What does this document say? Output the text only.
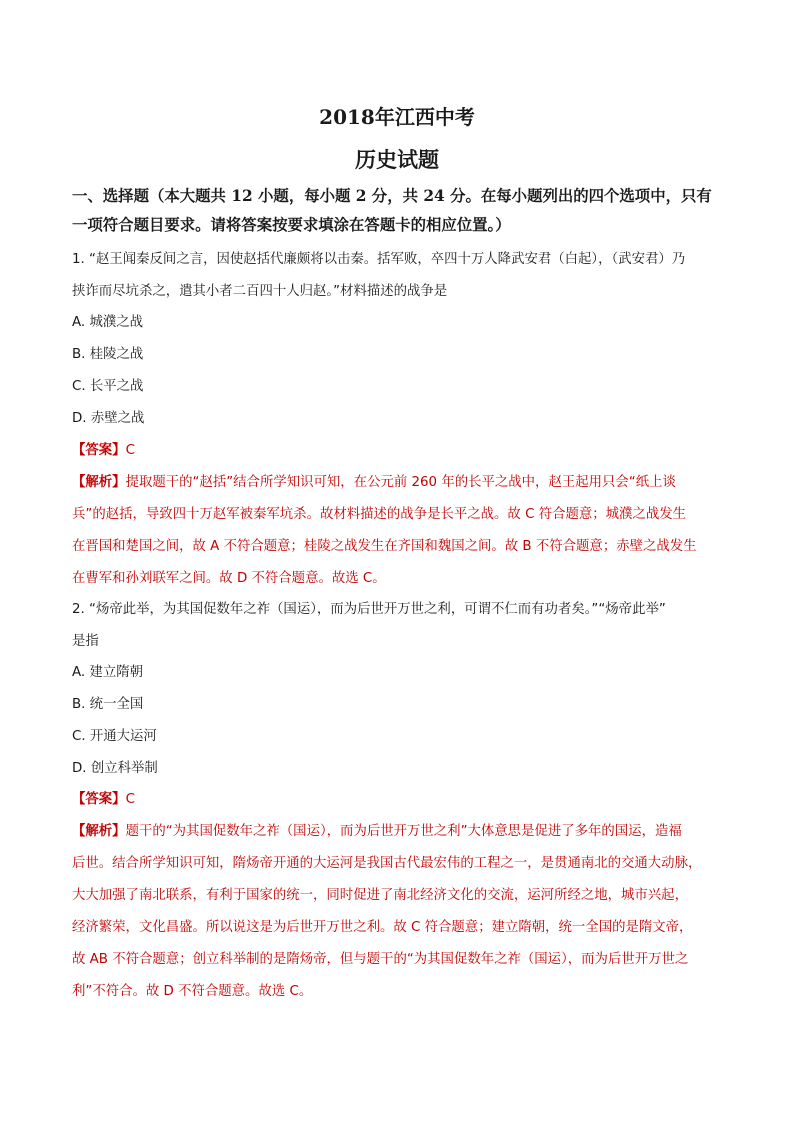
2018年江西中考
历史试题
一、选择题（本大题共 12 小题，每小题 2 分，共 24 分。在每小题列出的四个选项中，只有
一项符合题目要求。请将答案按要求填涂在答题卡的相应位置。）
1. “赵王闻秦反间之言，因使赵括代廉颇将以击秦。括军败，卒四十万人降武安君（白起），（武安君）乃
挟诈而尽坑杀之，遣其小者二百四十人归赵。”材料描述的战争是
A. 城濮之战
B. 桂陵之战
C. 长平之战
D. 赤壁之战
【答案】C
【解析】提取题干的“赵括”结合所学知识可知，在公元前 260 年的长平之战中，赵王起用只会“纸上谈
兵”的赵括，导致四十万赵军被秦军坑杀。故材料描述的战争是长平之战。故 C 符合题意；城濮之战发生
在晋国和楚国之间，故 A 不符合题意；桂陵之战发生在齐国和魏国之间。故 B 不符合题意；赤壁之战发生
在曹军和孙刘联军之间。故 D 不符合题意。故选 C。
2. “炀帝此举，为其国促数年之祚（国运），而为后世开万世之利，可谓不仁而有功者矣。”“炀帝此举”
是指
A. 建立隋朝
B. 统一全国
C. 开通大运河
D. 创立科举制
【答案】C
【解析】题干的“为其国促数年之祚（国运），而为后世开万世之利”大体意思是促进了多年的国运，造福
后世。结合所学知识可知，隋炀帝开通的大运河是我国古代最宏伟的工程之一，是贯通南北的交通大动脉，
大大加强了南北联系，有利于国家的统一，同时促进了南北经济文化的交流，运河所经之地，城市兴起，
经济繁荣，文化昌盛。所以说这是为后世开万世之利。故 C 符合题意；建立隋朝，统一全国的是隋文帝，
故 AB 不符合题意；创立科举制的是隋炀帝，但与题干的“为其国促数年之祚（国运），而为后世开万世之
利”不符合。故 D 不符合题意。故选 C。
